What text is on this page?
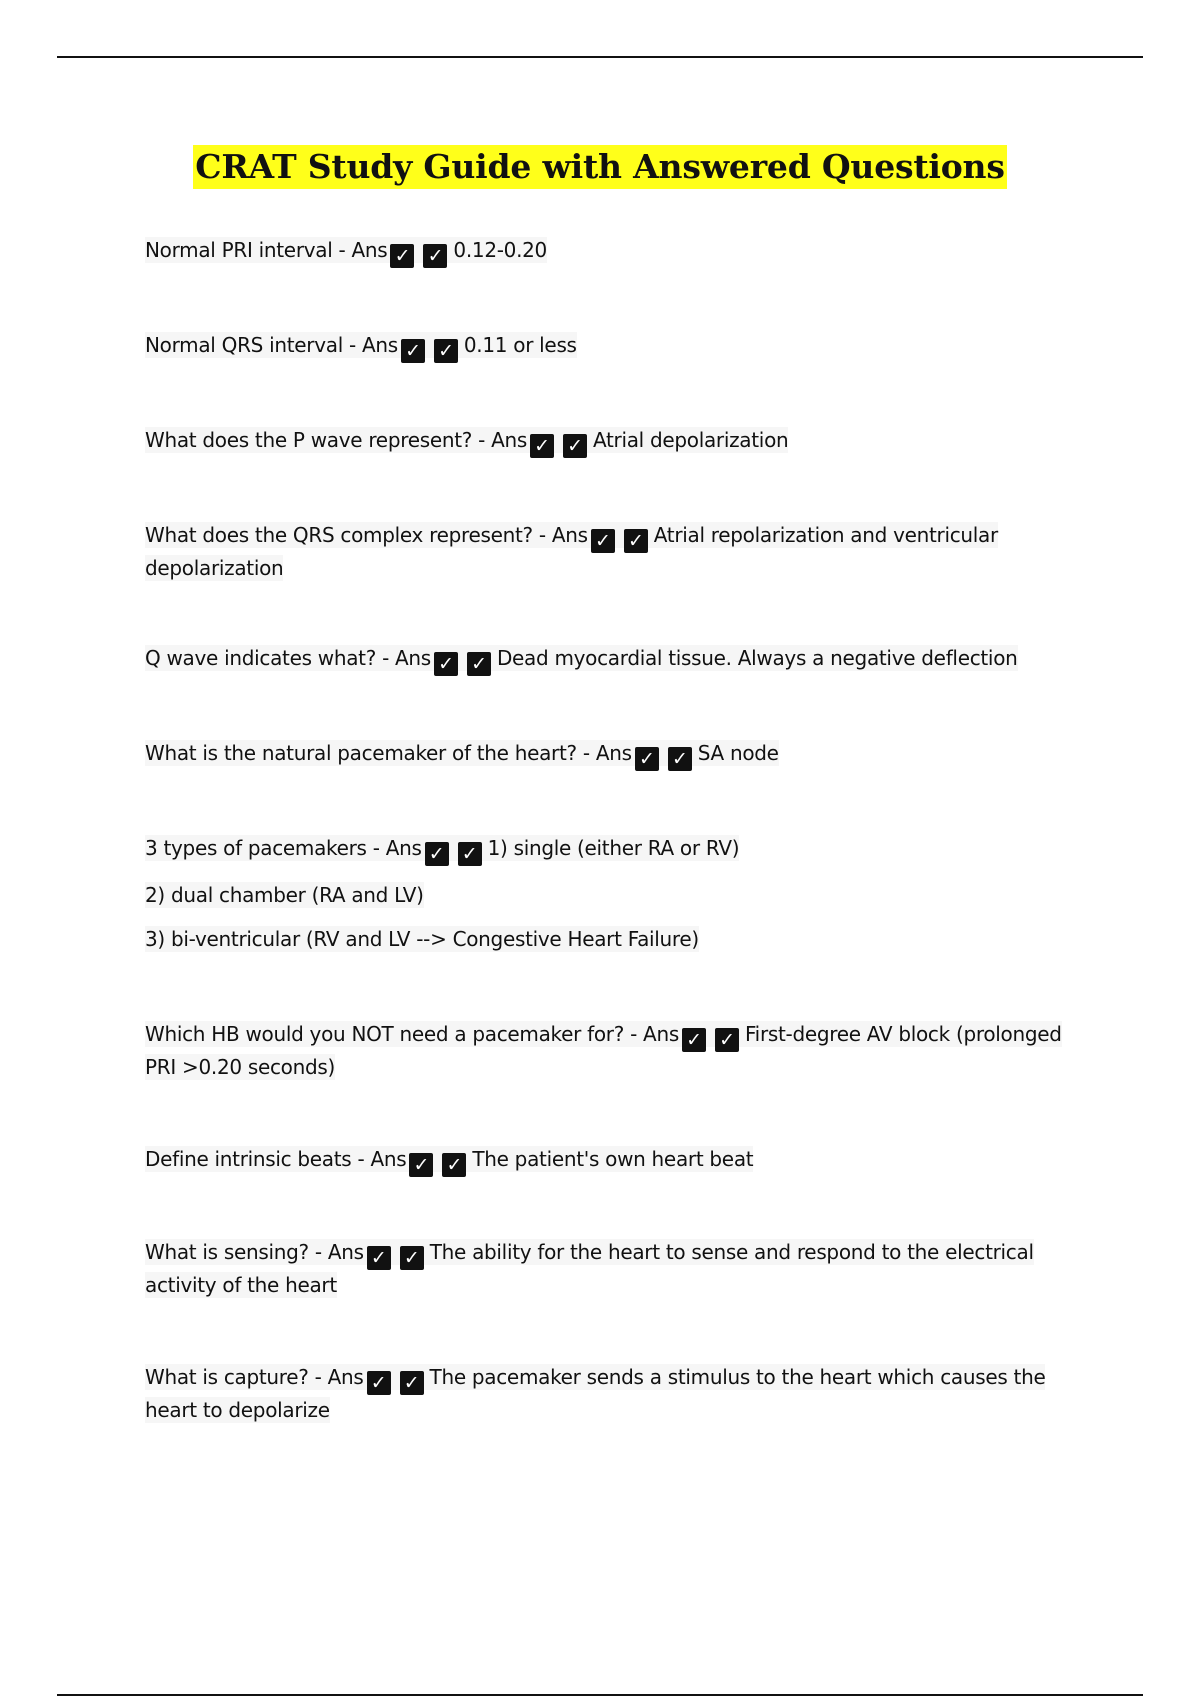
CRAT Study Guide with Answered Questions
Normal PRI interval - Ans ✓ ✓ 0.12-0.20
Normal QRS interval - Ans ✓ ✓ 0.11 or less
What does the P wave represent? - Ans ✓ ✓ Atrial depolarization
What does the QRS complex represent? - Ans ✓ ✓ Atrial repolarization and ventricular depolarization
Q wave indicates what? - Ans ✓ ✓ Dead myocardial tissue. Always a negative deflection
What is the natural pacemaker of the heart? - Ans ✓ ✓ SA node
3 types of pacemakers - Ans ✓ ✓ 1) single (either RA or RV)
2) dual chamber (RA and LV)
3) bi-ventricular (RV and LV --> Congestive Heart Failure)
Which HB would you NOT need a pacemaker for? - Ans ✓ ✓ First-degree AV block (prolonged PRI >0.20 seconds)
Define intrinsic beats - Ans ✓ ✓ The patient's own heart beat
What is sensing? - Ans ✓ ✓ The ability for the heart to sense and respond to the electrical activity of the heart
What is capture? - Ans ✓ ✓ The pacemaker sends a stimulus to the heart which causes the heart to depolarize
